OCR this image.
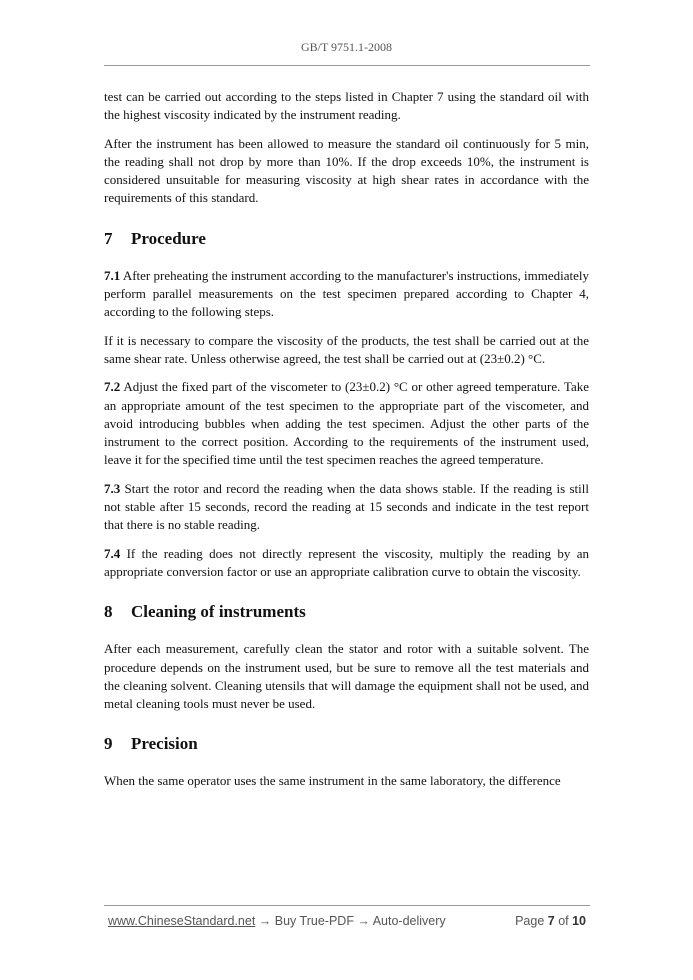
GB/T 9751.1-2008

test can be carried out according to the steps listed in Chapter 7 using the standard oil with the highest viscosity indicated by the instrument reading.

After the instrument has been allowed to measure the standard oil continuously for 5 min, the reading shall not drop by more than 10%. If the drop exceeds 10%, the instrument is considered unsuitable for measuring viscosity at high shear rates in accordance with the requirements of this standard.

7 Procedure

7.1 After preheating the instrument according to the manufacturer's instructions, immediately perform parallel measurements on the test specimen prepared according to Chapter 4, according to the following steps.

If it is necessary to compare the viscosity of the products, the test shall be carried out at the same shear rate. Unless otherwise agreed, the test shall be carried out at (23±0.2) °C.

7.2 Adjust the fixed part of the viscometer to (23±0.2) °C or other agreed temperature. Take an appropriate amount of the test specimen to the appropriate part of the viscometer, and avoid introducing bubbles when adding the test specimen. Adjust the other parts of the instrument to the correct position. According to the requirements of the instrument used, leave it for the specified time until the test specimen reaches the agreed temperature.

7.3 Start the rotor and record the reading when the data shows stable. If the reading is still not stable after 15 seconds, record the reading at 15 seconds and indicate in the test report that there is no stable reading.

7.4 If the reading does not directly represent the viscosity, multiply the reading by an appropriate conversion factor or use an appropriate calibration curve to obtain the viscosity.

8 Cleaning of instruments

After each measurement, carefully clean the stator and rotor with a suitable solvent. The procedure depends on the instrument used, but be sure to remove all the test materials and the cleaning solvent. Cleaning utensils that will damage the equipment shall not be used, and metal cleaning tools must never be used.

9 Precision

When the same operator uses the same instrument in the same laboratory, the difference

www.ChineseStandard.net → Buy True-PDF → Auto-delivery	Page 7 of 10
